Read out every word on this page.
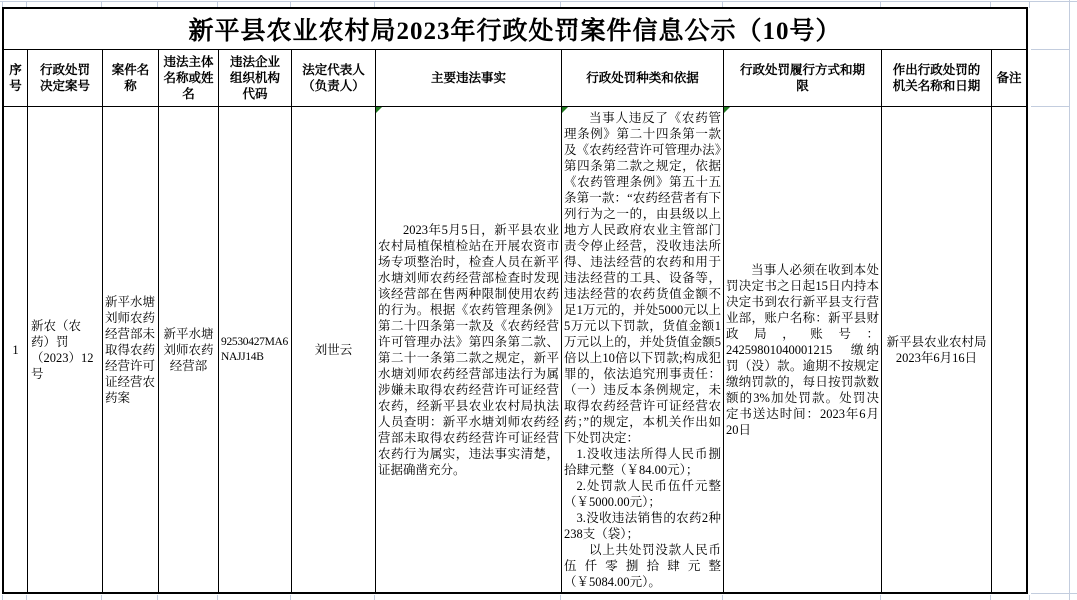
新平县农业农村局2023年行政处罚案件信息公示（10号）
序号
行政处罚决定案号
案件名称
违法主体名称或姓名
违法企业组织机构代码
法定代表人（负责人）
主要违法事实	行政处罚种类和依据
行政处罚履行方式和期限
作出行政处罚的机关名称和日期
备注
1
新农（农药）罚（2023）12号
新平水塘刘师农药经营部未取得农药经营许可证经营农药案
新平水塘刘师农药经营部
92530427MA6NAJJ14B	刘世云

2023年5月5日，新平县农业农村局植保植检站在开展农资市场专项整治时，检查人员在新平水塘刘师农药经营部检查时发现该经营部在售两种限制使用农药的行为。根据《农药管理条例》第二十四条第一款及《农药经营许可管理办法》第四条第二款、第二十一条第二款之规定，新平水塘刘师农药经营部违法行为属涉嫌未取得农药经营许可证经营农药，经新平县农业农村局执法人员查明：新平水塘刘师农药经营部未取得农药经营许可证经营农药行为属实，违法事实清楚，证据确凿充分。

当事人违反了《农药管理条例》第二十四条第一款及《农药经营许可管理办法》第四条第二款之规定，依据《农药管理条例》第五十五条第一款：“农药经营者有下列行为之一的，由县级以上地方人民政府农业主管部门责令停止经营，没收违法所得、违法经营的农药和用于违法经营的工具、设备等，违法经营的农药货值金额不足1万元的，并处5000元以上5万元以下罚款，货值金额1万元以上的，并处货值金额5倍以上10倍以下罚款;构成犯罪的，依法追究刑事责任：（一）违反本条例规定，未取得农药经营许可证经营农药；”的规定，本机关作出如下处罚决定：

1.没收违法所得人民币捌拾肆元整（￥84.00元）；

2.处罚款人民币伍仟元整（￥5000.00元）；

3.没收违法销售的农药2种238支（袋）；

以上共处罚没款人民币伍仟零捌拾肆元整（￥5084.00元）。

当事人必须在收到本处罚决定书之日起15日内持本决定书到农行新平县支行营业部，账户名称：新平县财政局，账号：24259801040001215　缴纳罚（没）款。逾期不按规定缴纳罚款的，每日按罚款数额的3%加处罚款。处罚决定书送达时间：2023年6月20日

新平县农业农村局
2023年6月16日
